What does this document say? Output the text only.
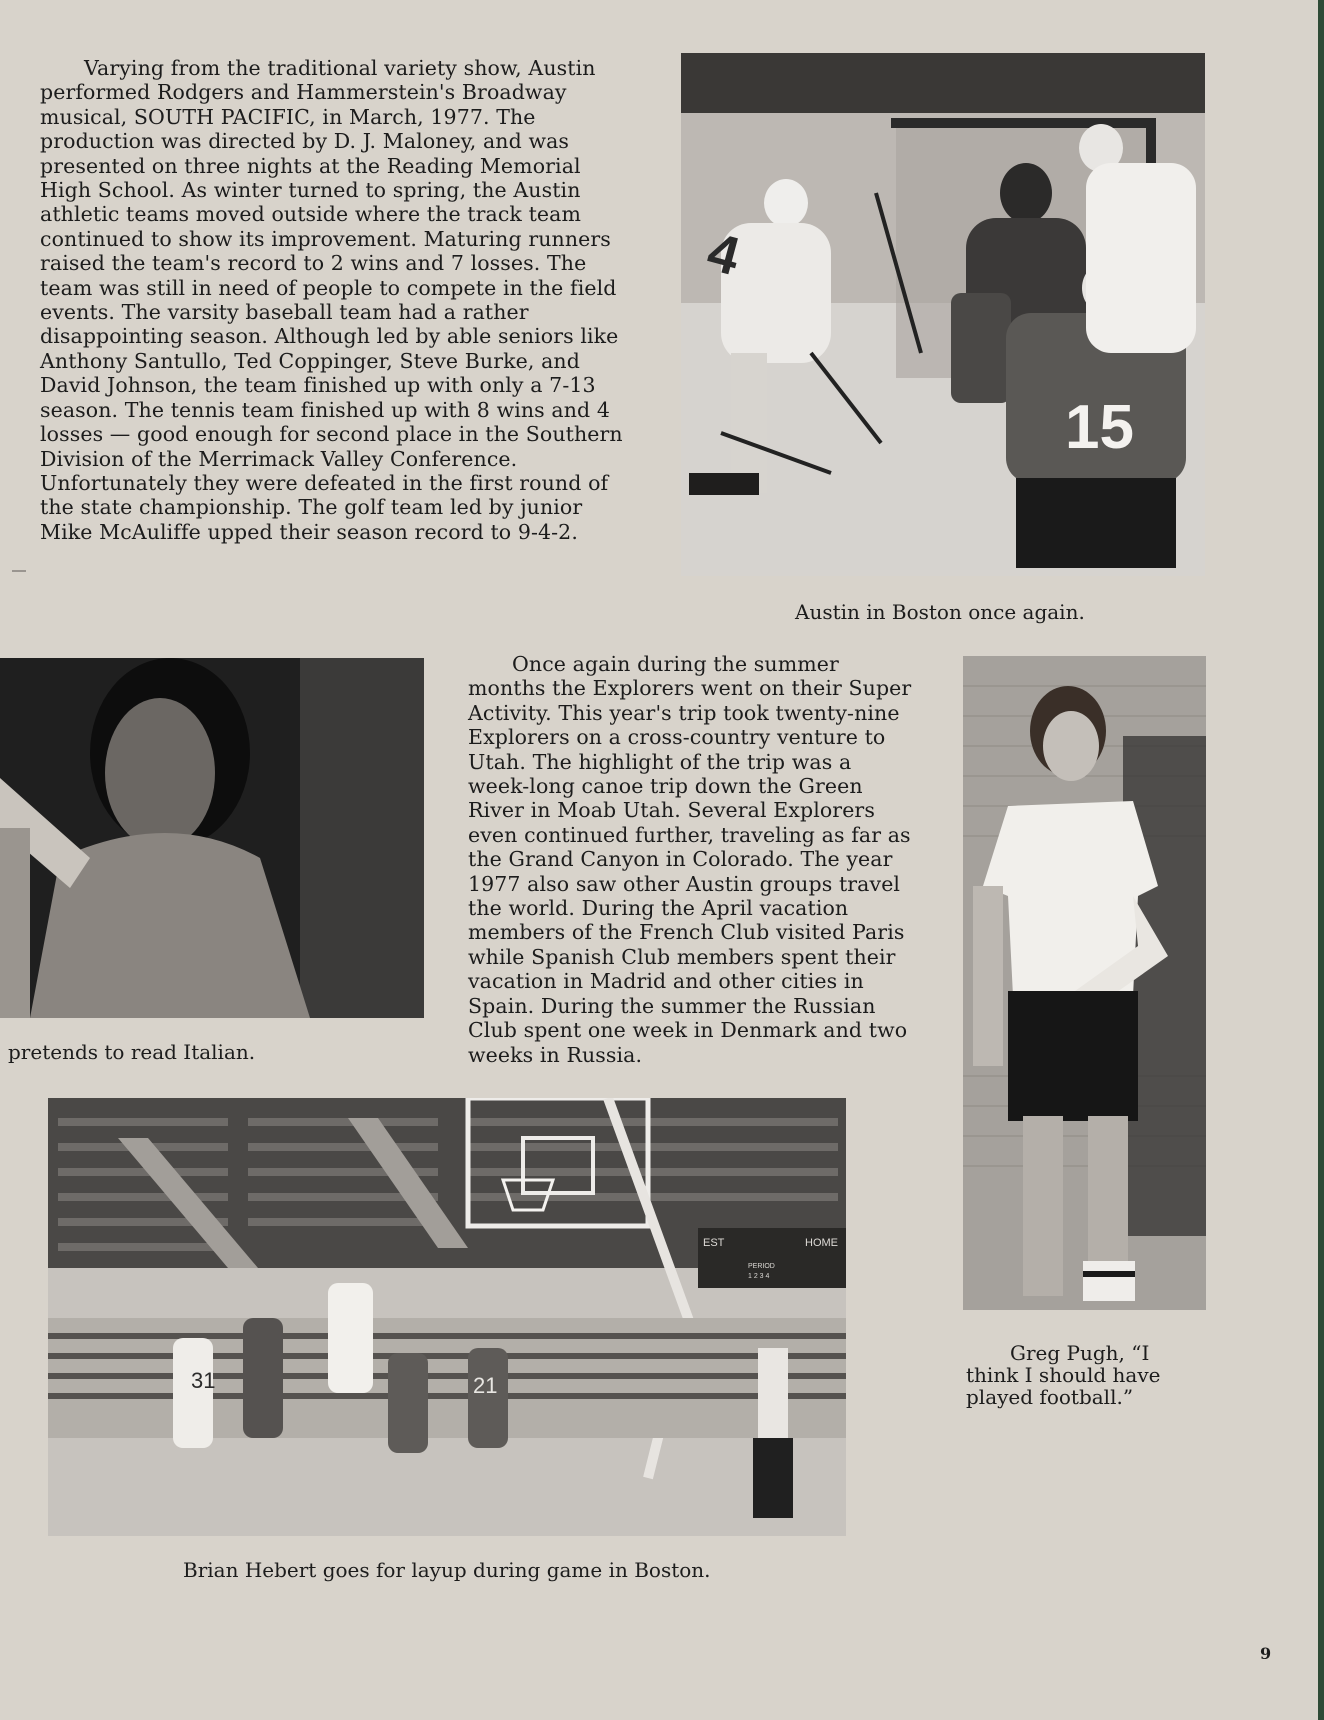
Varying from the traditional variety show, Austin performed Rodgers and Hammerstein's Broadway musical, SOUTH PACIFIC, in March, 1977. The production was directed by D. J. Maloney, and was presented on three nights at the Reading Memorial High School. As winter turned to spring, the Austin athletic teams moved outside where the track team continued to show its improvement. Maturing runners raised the team's record to 2 wins and 7 losses. The team was still in need of people to compete in the field events. The varsity baseball team had a rather disappointing season. Although led by able seniors like Anthony Santullo, Ted Coppinger, Steve Burke, and David Johnson, the team finished up with only a 7-13 season. The tennis team finished up with 8 wins and 4 losses — good enough for second place in the Southern Division of the Merrimack Valley Conference. Unfortunately they were defeated in the first round of the state championship. The golf team led by junior Mike McAuliffe upped their season record to 9-4-2.

4
15
Austin in Boston once again.
pretends to read Italian.

Once again during the summer months the Explorers went on their Super Activity. This year's trip took twenty-nine Explorers on a cross-country venture to Utah. The highlight of the trip was a week-long canoe trip down the Green River in Moab Utah. Several Explorers even continued further, traveling as far as the Grand Canyon in Colorado. The year 1977 also saw other Austin groups travel the world. During the April vacation members of the French Club visited Paris while Spanish Club members spent their vacation in Madrid and other cities in Spain. During the summer the Russian Club spent one week in Denmark and two weeks in Russia.

Greg Pugh, “I think I should have played football.”
EST	HOME
PERIOD
1 2 3 4
31	21
Brian Hebert goes for layup during game in Boston.
9
